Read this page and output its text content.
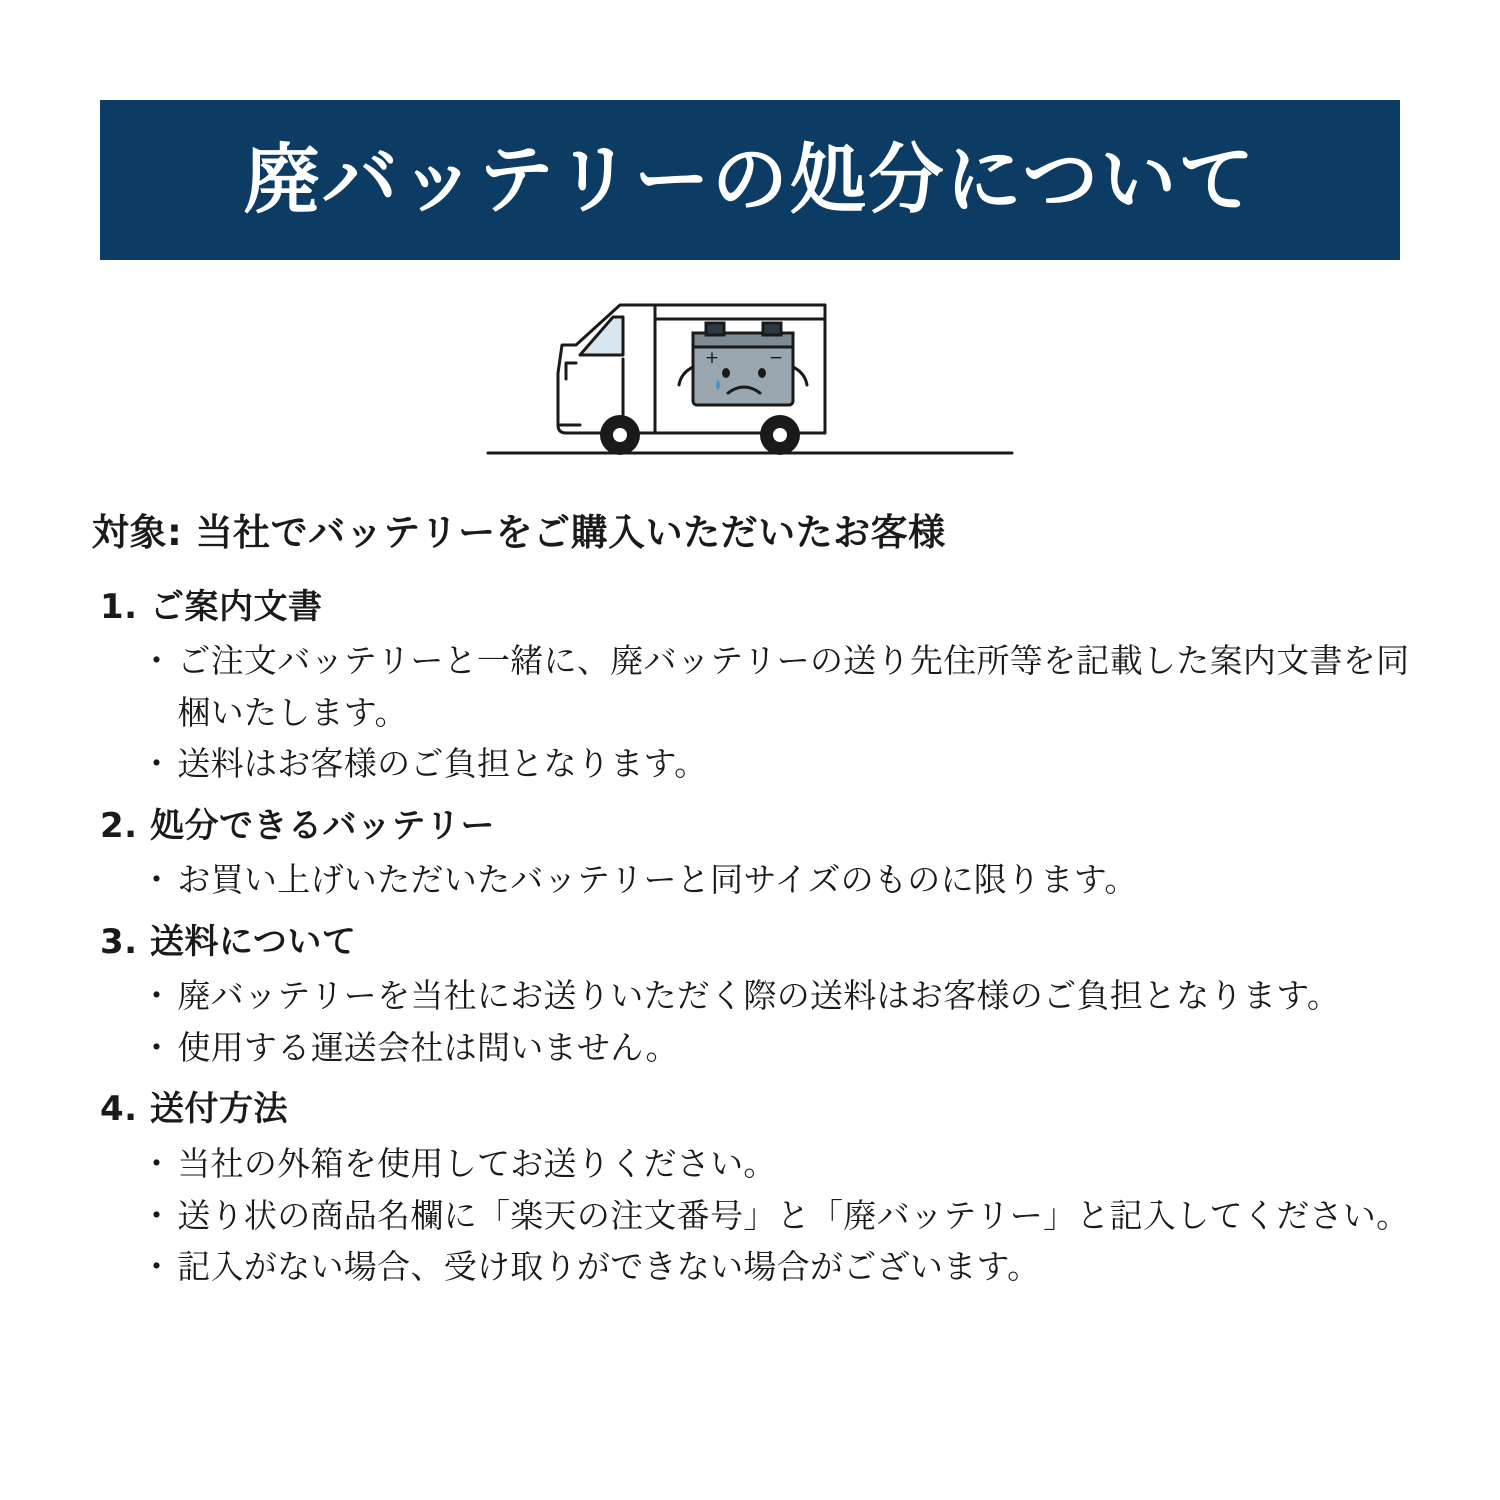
廃バッテリーの処分について
+	−
対象: 当社でバッテリーをご購入いただいたお客様
1. ご案内文書
・ ご注文バッテリーと一緒に、廃バッテリーの送り先住所等を記載した案内文書を同梱いたします。
・ 送料はお客様のご負担となります。
2. 処分できるバッテリー
・ お買い上げいただいたバッテリーと同サイズのものに限ります。
3. 送料について
・ 廃バッテリーを当社にお送りいただく際の送料はお客様のご負担となります。
・ 使用する運送会社は問いません。
4. 送付方法
・ 当社の外箱を使用してお送りください。
・ 送り状の商品名欄に「楽天の注文番号」と「廃バッテリー」と記入してください。
・ 記入がない場合、受け取りができない場合がございます。
